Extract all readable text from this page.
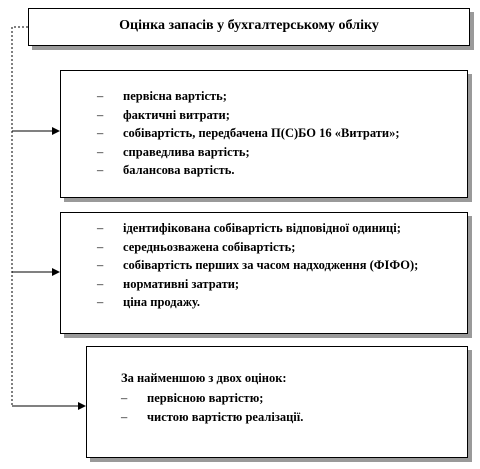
Оцінка запасів у бухгалтерському обліку
– первісна вартість;
– фактичні витрати;
– собівартість, передбачена П(С)БО 16 «Витрати»;
– справедлива вартість;
– балансова вартість.
– ідентифікована собівартість відповідної одиниці;
– середньозважена собівартість;
– собівартість перших за часом надходження (ФІФО);
– нормативні затрати;
– ціна продажу.
За найменшою з двох оцінок:
– первісною вартістю;
– чистою вартістю реалізації.
